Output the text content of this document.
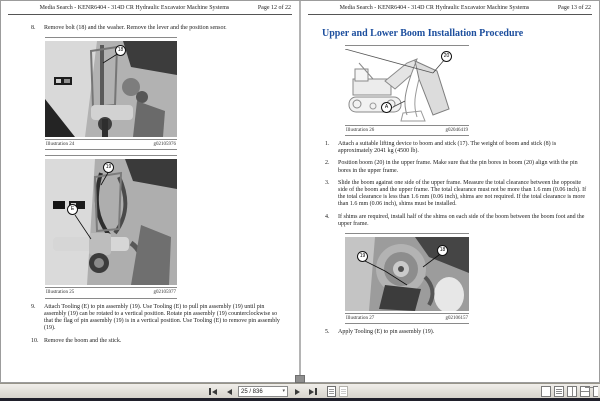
Media Search - KENR6404 - 314D CR Hydraulic Excavator Machine Systems	Page 12 of 22
8. Remove bolt (18) and the washer. Remove the lever and the position sensor.
18
Illustration 24	g02105976
19
E
Illustration 25	g02105977
9. Attach Tooling (E) to pin assembly (19). Use Tooling (E) to pull pin assembly (19) until pin assembly (19) can be rotated to a vertical position. Rotate pin assembly (19) counterclockwise so that the flag of pin assembly (19) is in a vertical position. Use Tooling (E) to remove pin assembly (19).
10. Remove the boom and the stick.
Media Search - KENR6404 - 314D CR Hydraulic Excavator Machine Systems	Page 13 of 22
Upper and Lower Boom Installation Procedure
20
A
Illustration 26	g02046419
1. Attach a suitable lifting device to boom and stick (17). The weight of boom and stick (8) is approximately 2041 kg (4500 lb).
2. Position boom (20) in the upper frame. Make sure that the pin bores in boom (20) align with the pin bores in the upper frame.
3. Slide the boom against one side of the upper frame. Measure the total clearance between the opposite side of the boom and the upper frame. The total clearance must not be more than 1.6 mm (0.06 inch). If the total clearance is less than 1.6 mm (0.06 inch), shims are not required. If the total clearance is more than 1.6 mm (0.06 inch), shims must be installed.
4. If shims are required, install half of the shims on each side of the boom between the boom foot and the upper frame.
19
18
Illustration 27	g02106157
5. Apply Tooling (E) to pin assembly (19).
25 / 836	▾
